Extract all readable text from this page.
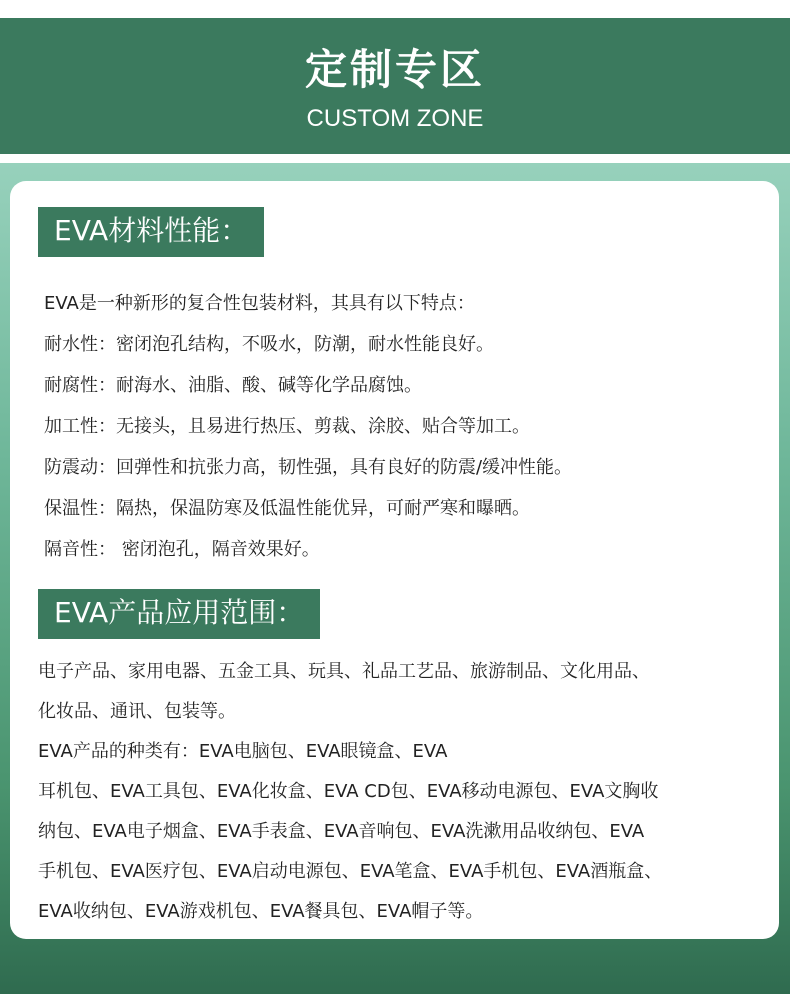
定制专区
CUSTOM ZONE
EVA材料性能：
EVA是一种新形的复合性包装材料，其具有以下特点：
耐水性：密闭泡孔结构，不吸水，防潮，耐水性能良好。
耐腐性：耐海水、油脂、酸、碱等化学品腐蚀。
加工性：无接头，且易进行热压、剪裁、涂胶、贴合等加工。
防震动：回弹性和抗张力高，韧性强，具有良好的防震/缓冲性能。
保温性：隔热，保温防寒及低温性能优异，可耐严寒和曝晒。
隔音性： 密闭泡孔，隔音效果好。
EVA产品应用范围：
电子产品、家用电器、五金工具、玩具、礼品工艺品、旅游制品、文化用品、
化妆品、通讯、包装等。
EVA产品的种类有：EVA电脑包、EVA眼镜盒、EVA
耳机包、EVA工具包、EVA化妆盒、EVA CD包、EVA移动电源包、EVA文胸收
纳包、EVA电子烟盒、EVA手表盒、EVA音响包、EVA洗漱用品收纳包、EVA
手机包、EVA医疗包、EVA启动电源包、EVA笔盒、EVA手机包、EVA酒瓶盒、
EVA收纳包、EVA游戏机包、EVA餐具包、EVA帽子等。
